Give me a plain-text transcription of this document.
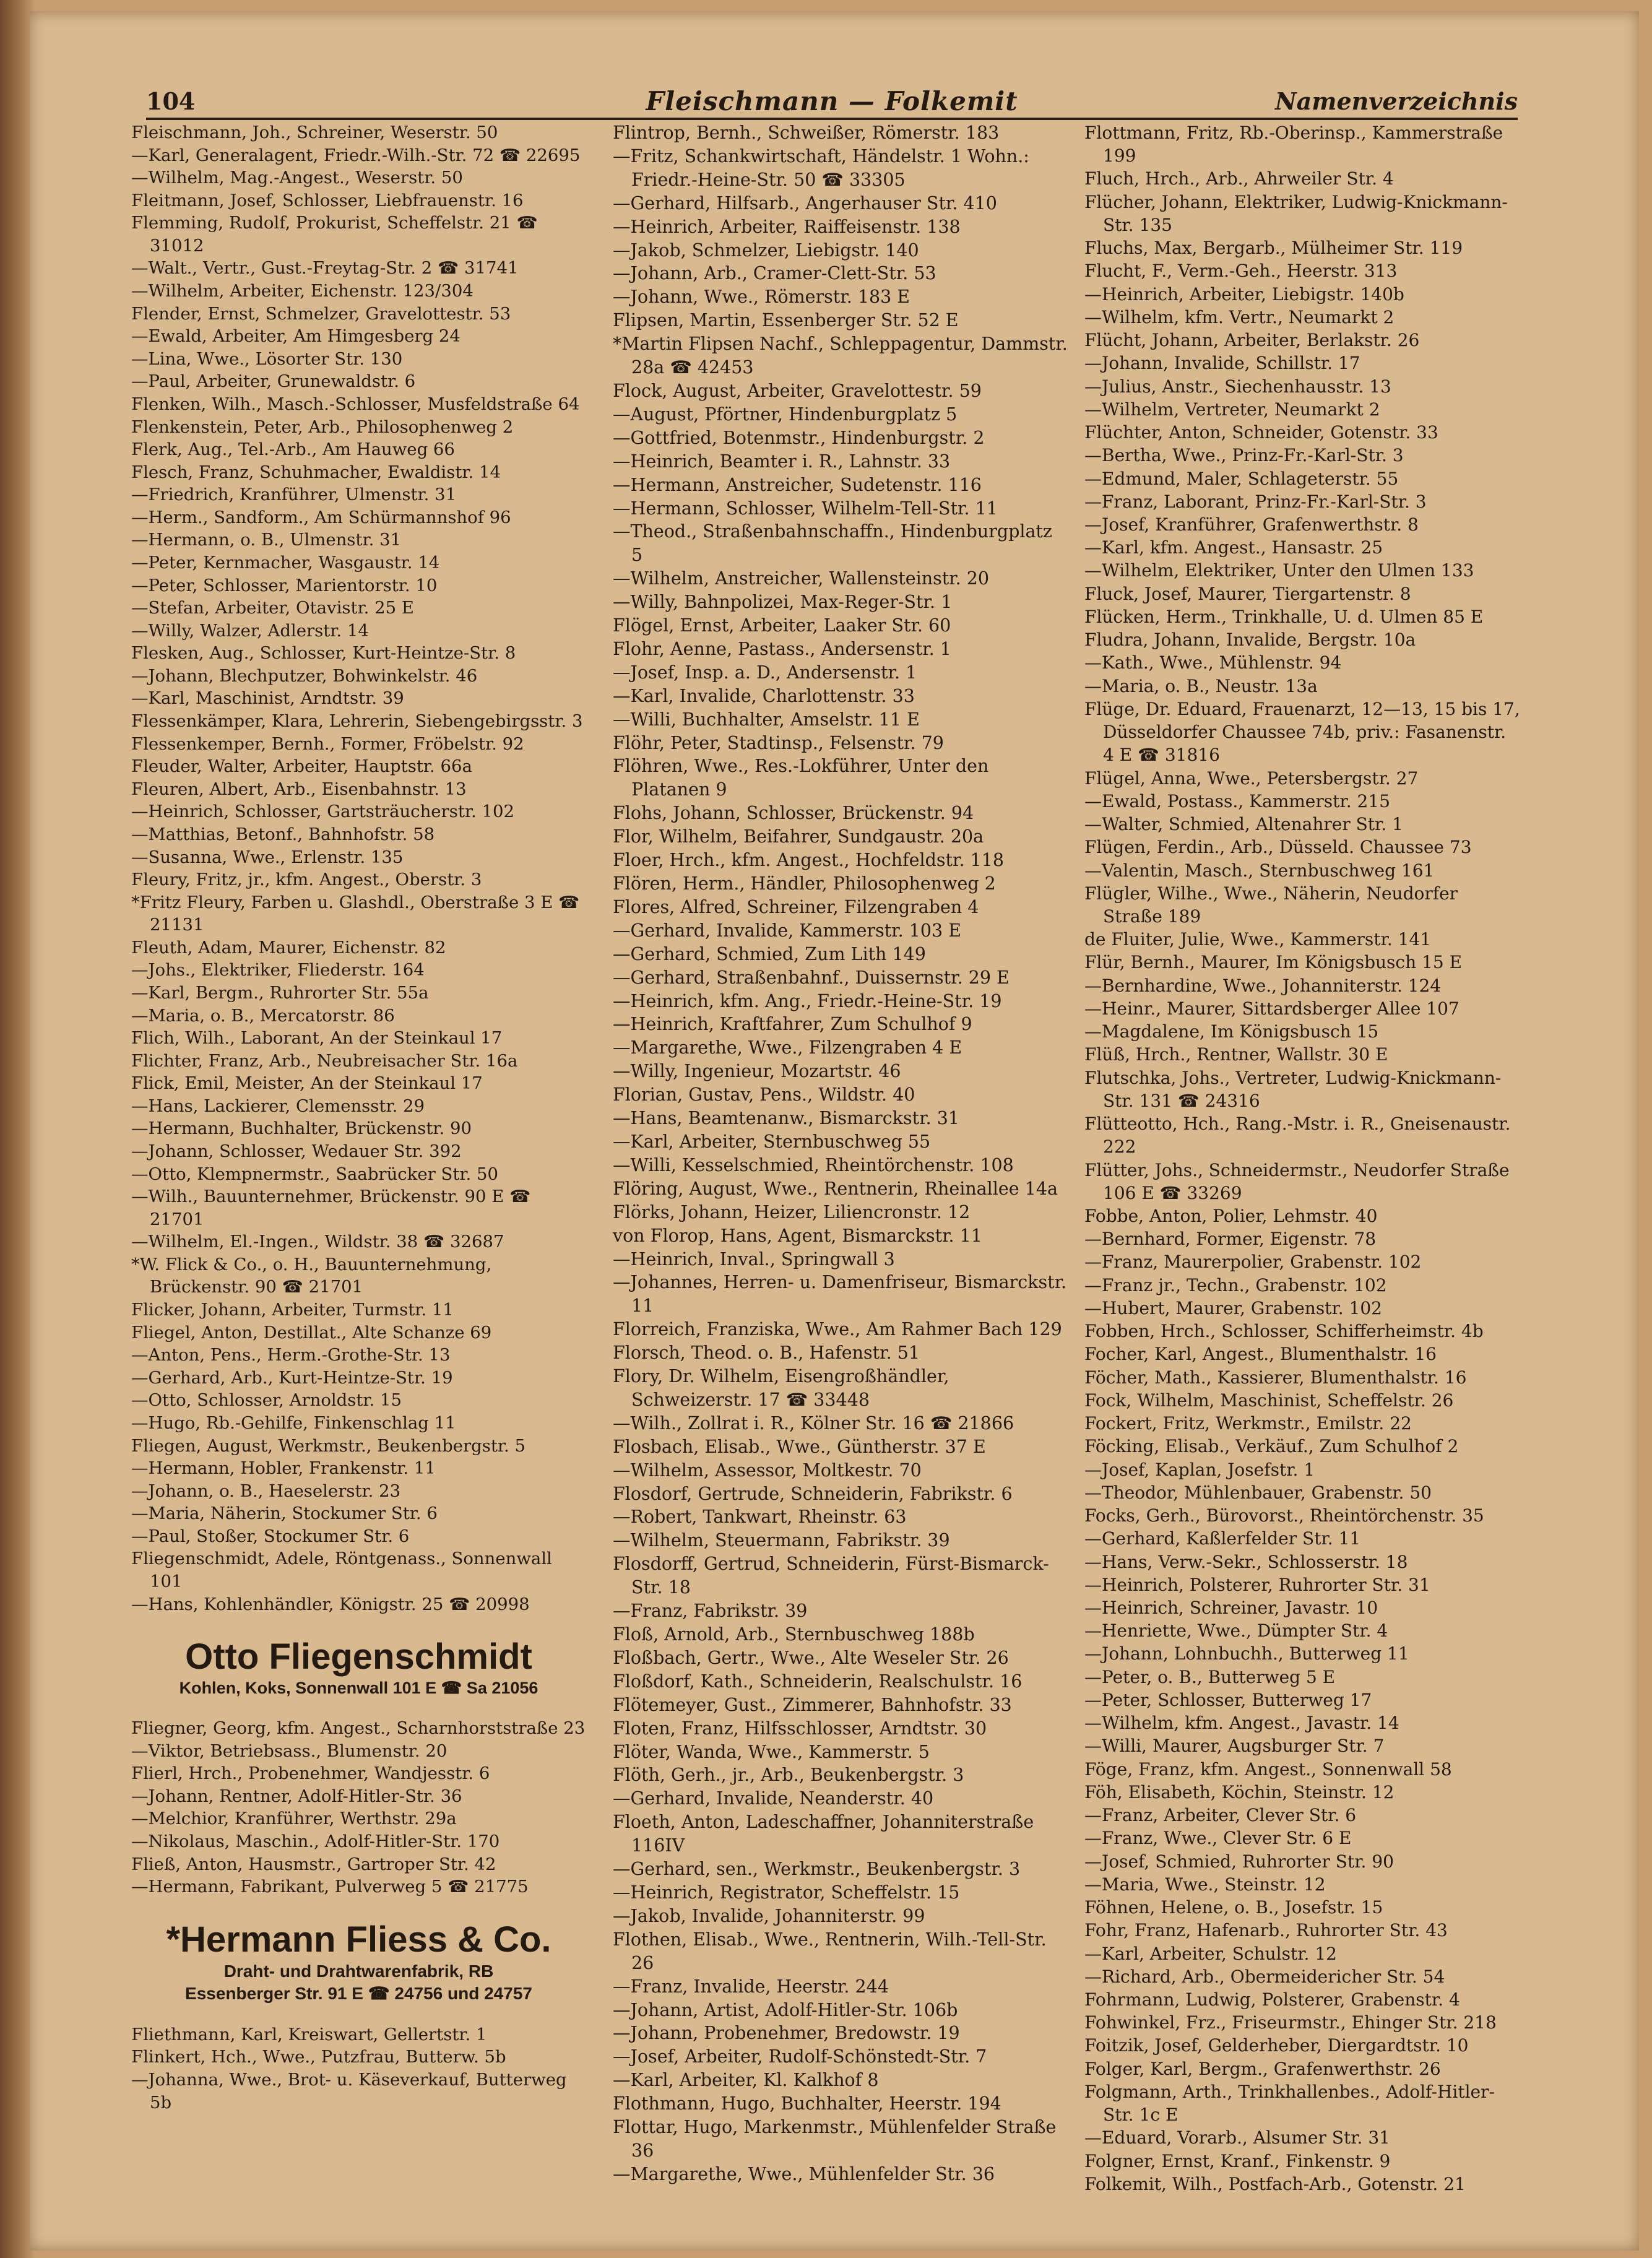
104	Fleischmann — Folkemit	Namenverzeichnis

Fleischmann, Joh., Schreiner, Weserstr. 50

—Karl, Generalagent, Friedr.-Wilh.-Str. 72 ☎ 22695

—Wilhelm, Mag.-Angest., Weserstr. 50

Fleitmann, Josef, Schlosser, Liebfrauenstr. 16

Flemming, Rudolf, Prokurist, Scheffelstr. 21 ☎ 31012

—Walt., Vertr., Gust.-Freytag-Str. 2 ☎ 31741

—Wilhelm, Arbeiter, Eichenstr. 123/304

Flender, Ernst, Schmelzer, Gravelottestr. 53

—Ewald, Arbeiter, Am Himgesberg 24

—Lina, Wwe., Lösorter Str. 130

—Paul, Arbeiter, Grunewaldstr. 6

Flenken, Wilh., Masch.-Schlosser, Musfeldstraße 64

Flenkenstein, Peter, Arb., Philosophenweg 2

Flerk, Aug., Tel.-Arb., Am Hauweg 66

Flesch, Franz, Schuhmacher, Ewaldistr. 14

—Friedrich, Kranführer, Ulmenstr. 31

—Herm., Sandform., Am Schürmannshof 96

—Hermann, o. B., Ulmenstr. 31

—Peter, Kernmacher, Wasgaustr. 14

—Peter, Schlosser, Marientorstr. 10

—Stefan, Arbeiter, Otavistr. 25 E

—Willy, Walzer, Adlerstr. 14

Flesken, Aug., Schlosser, Kurt-Heintze-Str. 8

—Johann, Blechputzer, Bohwinkelstr. 46

—Karl, Maschinist, Arndtstr. 39

Flessenkämper, Klara, Lehrerin, Siebengebirgsstr. 3

Flessenkemper, Bernh., Former, Fröbelstr. 92

Fleuder, Walter, Arbeiter, Hauptstr. 66a

Fleuren, Albert, Arb., Eisenbahnstr. 13

—Heinrich, Schlosser, Gartsträucherstr. 102

—Matthias, Betonf., Bahnhofstr. 58

—Susanna, Wwe., Erlenstr. 135

Fleury, Fritz, jr., kfm. Angest., Oberstr. 3

*Fritz Fleury, Farben u. Glashdl., Oberstraße 3 E ☎ 21131

Fleuth, Adam, Maurer, Eichenstr. 82

—Johs., Elektriker, Fliederstr. 164

—Karl, Bergm., Ruhrorter Str. 55a

—Maria, o. B., Mercatorstr. 86

Flich, Wilh., Laborant, An der Steinkaul 17

Flichter, Franz, Arb., Neubreisacher Str. 16a

Flick, Emil, Meister, An der Steinkaul 17

—Hans, Lackierer, Clemensstr. 29

—Hermann, Buchhalter, Brückenstr. 90

—Johann, Schlosser, Wedauer Str. 392

—Otto, Klempnermstr., Saabrücker Str. 50

—Wilh., Bauunternehmer, Brückenstr. 90 E ☎ 21701

—Wilhelm, El.-Ingen., Wildstr. 38 ☎ 32687

*W. Flick & Co., o. H., Bauunternehmung, Brückenstr. 90 ☎ 21701

Flicker, Johann, Arbeiter, Turmstr. 11

Fliegel, Anton, Destillat., Alte Schanze 69

—Anton, Pens., Herm.-Grothe-Str. 13

—Gerhard, Arb., Kurt-Heintze-Str. 19

—Otto, Schlosser, Arnoldstr. 15

—Hugo, Rb.-Gehilfe, Finkenschlag 11

Fliegen, August, Werkmstr., Beukenbergstr. 5

—Hermann, Hobler, Frankenstr. 11

—Johann, o. B., Haeselerstr. 23

—Maria, Näherin, Stockumer Str. 6

—Paul, Stoßer, Stockumer Str. 6

Fliegenschmidt, Adele, Röntgenass., Sonnenwall 101

—Hans, Kohlenhändler, Königstr. 25 ☎ 20998

Otto Fliegenschmidt
Kohlen, Koks, Sonnenwall 101 E ☎ Sa 21056

Fliegner, Georg, kfm. Angest., Scharnhorststraße 23

—Viktor, Betriebsass., Blumenstr. 20

Flierl, Hrch., Probenehmer, Wandjesstr. 6

—Johann, Rentner, Adolf-Hitler-Str. 36

—Melchior, Kranführer, Werthstr. 29a

—Nikolaus, Maschin., Adolf-Hitler-Str. 170

Fließ, Anton, Hausmstr., Gartroper Str. 42

—Hermann, Fabrikant, Pulverweg 5 ☎ 21775

*Hermann Fliess & Co.
Draht- und Drahtwarenfabrik, RB
Essenberger Str. 91 E ☎ 24756 und 24757

Fliethmann, Karl, Kreiswart, Gellertstr. 1

Flinkert, Hch., Wwe., Putzfrau, Butterw. 5b

—Johanna, Wwe., Brot- u. Käseverkauf, Butterweg 5b

Flintrop, Bernh., Schweißer, Römerstr. 183

—Fritz, Schankwirtschaft, Händelstr. 1 Wohn.: Friedr.-Heine-Str. 50 ☎ 33305

—Gerhard, Hilfsarb., Angerhauser Str. 410

—Heinrich, Arbeiter, Raiffeisenstr. 138

—Jakob, Schmelzer, Liebigstr. 140

—Johann, Arb., Cramer-Clett-Str. 53

—Johann, Wwe., Römerstr. 183 E

Flipsen, Martin, Essenberger Str. 52 E

*Martin Flipsen Nachf., Schleppagentur, Dammstr. 28a ☎ 42453

Flock, August, Arbeiter, Gravelottestr. 59

—August, Pförtner, Hindenburgplatz 5

—Gottfried, Botenmstr., Hindenburgstr. 2

—Heinrich, Beamter i. R., Lahnstr. 33

—Hermann, Anstreicher, Sudetenstr. 116

—Hermann, Schlosser, Wilhelm-Tell-Str. 11

—Theod., Straßenbahnschaffn., Hindenburgplatz 5

—Wilhelm, Anstreicher, Wallensteinstr. 20

—Willy, Bahnpolizei, Max-Reger-Str. 1

Flögel, Ernst, Arbeiter, Laaker Str. 60

Flohr, Aenne, Pastass., Andersenstr. 1

—Josef, Insp. a. D., Andersenstr. 1

—Karl, Invalide, Charlottenstr. 33

—Willi, Buchhalter, Amselstr. 11 E

Flöhr, Peter, Stadtinsp., Felsenstr. 79

Flöhren, Wwe., Res.-Lokführer, Unter den Platanen 9

Flohs, Johann, Schlosser, Brückenstr. 94

Flor, Wilhelm, Beifahrer, Sundgaustr. 20a

Floer, Hrch., kfm. Angest., Hochfeldstr. 118

Flören, Herm., Händler, Philosophenweg 2

Flores, Alfred, Schreiner, Filzengraben 4

—Gerhard, Invalide, Kammerstr. 103 E

—Gerhard, Schmied, Zum Lith 149

—Gerhard, Straßenbahnf., Duissernstr. 29 E

—Heinrich, kfm. Ang., Friedr.-Heine-Str. 19

—Heinrich, Kraftfahrer, Zum Schulhof 9

—Margarethe, Wwe., Filzengraben 4 E

—Willy, Ingenieur, Mozartstr. 46

Florian, Gustav, Pens., Wildstr. 40

—Hans, Beamtenanw., Bismarckstr. 31

—Karl, Arbeiter, Sternbuschweg 55

—Willi, Kesselschmied, Rheintörchenstr. 108

Flöring, August, Wwe., Rentnerin, Rheinallee 14a

Flörks, Johann, Heizer, Liliencronstr. 12

von Florop, Hans, Agent, Bismarckstr. 11

—Heinrich, Inval., Springwall 3

—Johannes, Herren- u. Damenfriseur, Bismarckstr. 11

Florreich, Franziska, Wwe., Am Rahmer Bach 129

Florsch, Theod. o. B., Hafenstr. 51

Flory, Dr. Wilhelm, Eisengroßhändler, Schweizerstr. 17 ☎ 33448

—Wilh., Zollrat i. R., Kölner Str. 16 ☎ 21866

Flosbach, Elisab., Wwe., Güntherstr. 37 E

—Wilhelm, Assessor, Moltkestr. 70

Flosdorf, Gertrude, Schneiderin, Fabrikstr. 6

—Robert, Tankwart, Rheinstr. 63

—Wilhelm, Steuermann, Fabrikstr. 39

Flosdorff, Gertrud, Schneiderin, Fürst-Bismarck-Str. 18

—Franz, Fabrikstr. 39

Floß, Arnold, Arb., Sternbuschweg 188b

Floßbach, Gertr., Wwe., Alte Weseler Str. 26

Floßdorf, Kath., Schneiderin, Realschulstr. 16

Flötemeyer, Gust., Zimmerer, Bahnhofstr. 33

Floten, Franz, Hilfsschlosser, Arndtstr. 30

Flöter, Wanda, Wwe., Kammerstr. 5

Flöth, Gerh., jr., Arb., Beukenbergstr. 3

—Gerhard, Invalide, Neanderstr. 40

Floeth, Anton, Ladeschaffner, Johanniterstraße 116IV

—Gerhard, sen., Werkmstr., Beukenbergstr. 3

—Heinrich, Registrator, Scheffelstr. 15

—Jakob, Invalide, Johanniterstr. 99

Flothen, Elisab., Wwe., Rentnerin, Wilh.-Tell-Str. 26

—Franz, Invalide, Heerstr. 244

—Johann, Artist, Adolf-Hitler-Str. 106b

—Johann, Probenehmer, Bredowstr. 19

—Josef, Arbeiter, Rudolf-Schönstedt-Str. 7

—Karl, Arbeiter, Kl. Kalkhof 8

Flothmann, Hugo, Buchhalter, Heerstr. 194

Flottar, Hugo, Markenmstr., Mühlenfelder Straße 36

—Margarethe, Wwe., Mühlenfelder Str. 36

Flottmann, Fritz, Rb.-Oberinsp., Kammerstraße 199

Fluch, Hrch., Arb., Ahrweiler Str. 4

Flücher, Johann, Elektriker, Ludwig-Knickmann-Str. 135

Fluchs, Max, Bergarb., Mülheimer Str. 119

Flucht, F., Verm.-Geh., Heerstr. 313

—Heinrich, Arbeiter, Liebigstr. 140b

—Wilhelm, kfm. Vertr., Neumarkt 2

Flücht, Johann, Arbeiter, Berlakstr. 26

—Johann, Invalide, Schillstr. 17

—Julius, Anstr., Siechenhausstr. 13

—Wilhelm, Vertreter, Neumarkt 2

Flüchter, Anton, Schneider, Gotenstr. 33

—Bertha, Wwe., Prinz-Fr.-Karl-Str. 3

—Edmund, Maler, Schlageterstr. 55

—Franz, Laborant, Prinz-Fr.-Karl-Str. 3

—Josef, Kranführer, Grafenwerthstr. 8

—Karl, kfm. Angest., Hansastr. 25

—Wilhelm, Elektriker, Unter den Ulmen 133

Fluck, Josef, Maurer, Tiergartenstr. 8

Flücken, Herm., Trinkhalle, U. d. Ulmen 85 E

Fludra, Johann, Invalide, Bergstr. 10a

—Kath., Wwe., Mühlenstr. 94

—Maria, o. B., Neustr. 13a

Flüge, Dr. Eduard, Frauenarzt, 12—13, 15 bis 17, Düsseldorfer Chaussee 74b, priv.: Fasanenstr. 4 E ☎ 31816

Flügel, Anna, Wwe., Petersbergstr. 27

—Ewald, Postass., Kammerstr. 215

—Walter, Schmied, Altenahrer Str. 1

Flügen, Ferdin., Arb., Düsseld. Chaussee 73

—Valentin, Masch., Sternbuschweg 161

Flügler, Wilhe., Wwe., Näherin, Neudorfer Straße 189

de Fluiter, Julie, Wwe., Kammerstr. 141

Flür, Bernh., Maurer, Im Königsbusch 15 E

—Bernhardine, Wwe., Johanniterstr. 124

—Heinr., Maurer, Sittardsberger Allee 107

—Magdalene, Im Königsbusch 15

Flüß, Hrch., Rentner, Wallstr. 30 E

Flutschka, Johs., Vertreter, Ludwig-Knickmann-Str. 131 ☎ 24316

Flütteotto, Hch., Rang.-Mstr. i. R., Gneisenaustr. 222

Flütter, Johs., Schneidermstr., Neudorfer Straße 106 E ☎ 33269

Fobbe, Anton, Polier, Lehmstr. 40

—Bernhard, Former, Eigenstr. 78

—Franz, Maurerpolier, Grabenstr. 102

—Franz jr., Techn., Grabenstr. 102

—Hubert, Maurer, Grabenstr. 102

Fobben, Hrch., Schlosser, Schifferheimstr. 4b

Focher, Karl, Angest., Blumenthalstr. 16

Föcher, Math., Kassierer, Blumenthalstr. 16

Fock, Wilhelm, Maschinist, Scheffelstr. 26

Fockert, Fritz, Werkmstr., Emilstr. 22

Föcking, Elisab., Verkäuf., Zum Schulhof 2

—Josef, Kaplan, Josefstr. 1

—Theodor, Mühlenbauer, Grabenstr. 50

Focks, Gerh., Bürovorst., Rheintörchenstr. 35

—Gerhard, Kaßlerfelder Str. 11

—Hans, Verw.-Sekr., Schlosserstr. 18

—Heinrich, Polsterer, Ruhrorter Str. 31

—Heinrich, Schreiner, Javastr. 10

—Henriette, Wwe., Dümpter Str. 4

—Johann, Lohnbuchh., Butterweg 11

—Peter, o. B., Butterweg 5 E

—Peter, Schlosser, Butterweg 17

—Wilhelm, kfm. Angest., Javastr. 14

—Willi, Maurer, Augsburger Str. 7

Föge, Franz, kfm. Angest., Sonnenwall 58

Föh, Elisabeth, Köchin, Steinstr. 12

—Franz, Arbeiter, Clever Str. 6

—Franz, Wwe., Clever Str. 6 E

—Josef, Schmied, Ruhrorter Str. 90

—Maria, Wwe., Steinstr. 12

Föhnen, Helene, o. B., Josefstr. 15

Fohr, Franz, Hafenarb., Ruhrorter Str. 43

—Karl, Arbeiter, Schulstr. 12

—Richard, Arb., Obermeidericher Str. 54

Fohrmann, Ludwig, Polsterer, Grabenstr. 4

Fohwinkel, Frz., Friseurmstr., Ehinger Str. 218

Foitzik, Josef, Gelderheber, Diergardtstr. 10

Folger, Karl, Bergm., Grafenwerthstr. 26

Folgmann, Arth., Trinkhallenbes., Adolf-Hitler-Str. 1c E

—Eduard, Vorarb., Alsumer Str. 31

Folgner, Ernst, Kranf., Finkenstr. 9

Folkemit, Wilh., Postfach-Arb., Gotenstr. 21
